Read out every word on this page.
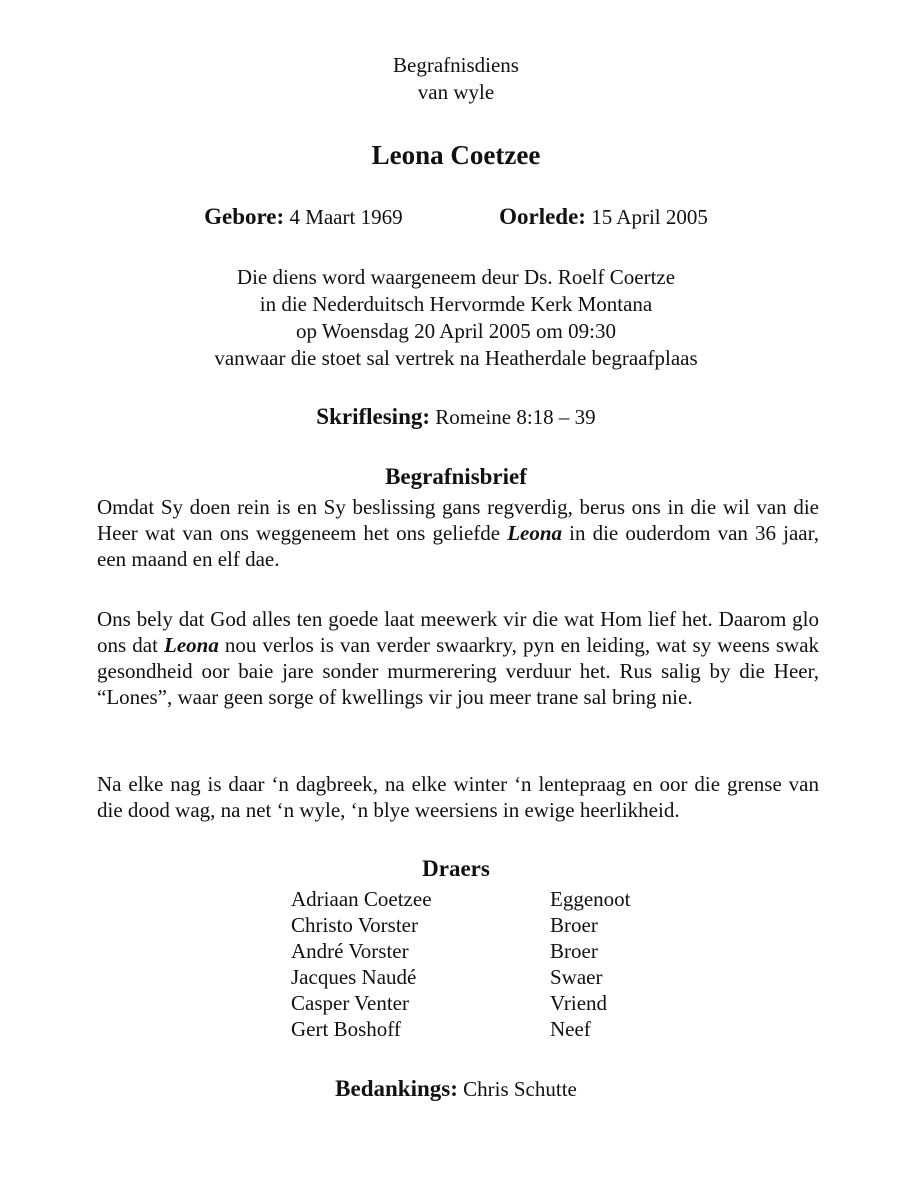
Begrafnisdiens
van wyle
Leona Coetzee
Gebore: 4 Maart 1969	Oorlede: 15 April 2005
Die diens word waargeneem deur Ds. Roelf Coertze
in die Nederduitsch Hervormde Kerk Montana
op Woensdag 20 April 2005 om 09:30
vanwaar die stoet sal vertrek na Heatherdale begraafplaas
Skriflesing: Romeine 8:18 – 39
Begrafnisbrief

Omdat Sy doen rein is en Sy beslissing gans regverdig, berus ons in die wil van die Heer wat van ons weggeneem het ons geliefde Leona in die ouderdom van 36 jaar, een maand en elf dae.

Ons bely dat God alles ten goede laat meewerk vir die wat Hom lief het. Daarom glo ons dat Leona nou verlos is van verder swaarkry, pyn en leiding, wat sy weens swak gesondheid oor baie jare sonder murmerering verduur het. Rus salig by die Heer, “Lones”, waar geen sorge of kwellings vir jou meer trane sal bring nie.

Na elke nag is daar ‘n dagbreek, na elke winter ‘n lentepraag en oor die grense van die dood wag, na net ‘n wyle, ‘n blye weersiens in ewige heerlikheid.

Draers
Adriaan Coetzee	Eggenoot
Christo Vorster	Broer
André Vorster	Broer
Jacques Naudé	Swaer
Casper Venter	Vriend
Gert Boshoff	Neef
Bedankings: Chris Schutte
